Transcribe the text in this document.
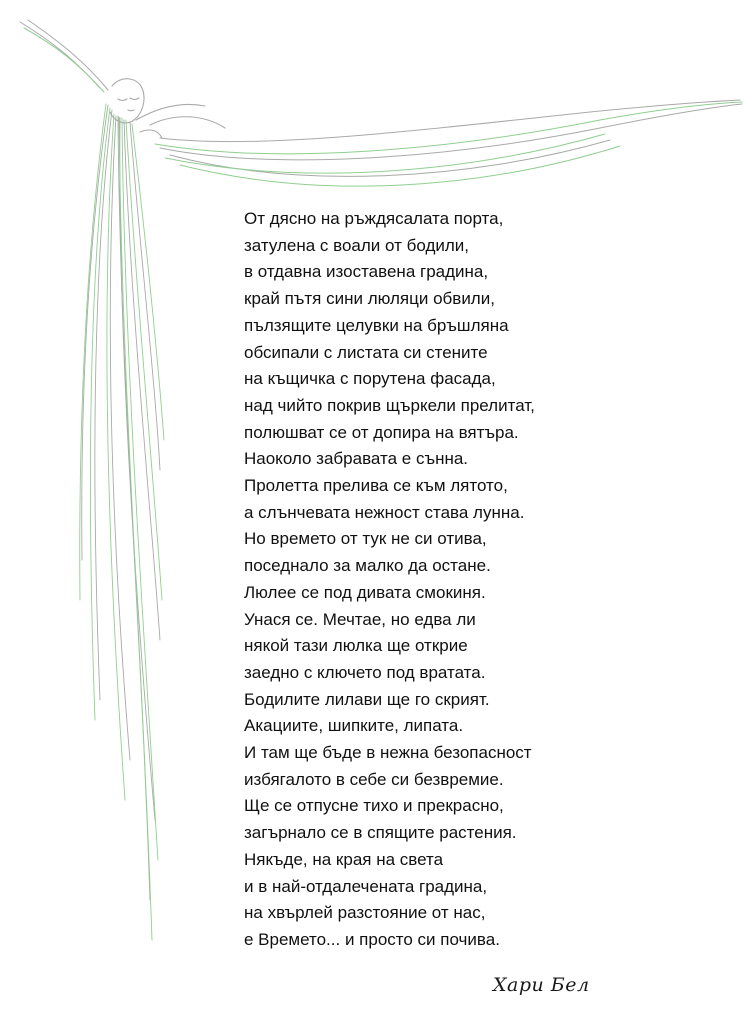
От дясно на ръждясалата порта,
затулена с воали от бодили,
в отдавна изоставена градина,
край пътя сини люляци обвили,
пълзящите целувки на бръшляна
обсипали с листата си стените
на къщичка с порутена фасада,
над чийто покрив щъркели прелитат,
полюшват се от допира на вятъра.
Наоколо забравата е сънна.
Пролетта прелива се към лятото,
а слънчевата нежност става лунна.
Но времето от тук не си отива,
поседнало за малко да остане.
Люлее се под дивата смокиня.
Унася се. Мечтае, но едва ли
някой тази люлка ще открие
заедно с ключето под вратата.
Бодилите лилави ще го скрият.
Акациите, шипките, липата.
И там ще бъде в нежна безопасност
избягалото в себе си безвремие.
Ще се отпусне тихо и прекрасно,
загърнало се в спящите растения.
Някъде, на края на света
и в най-отдалечената градина,
на хвърлей разстояние от нас,
е Времето... и просто си почива.
Хари Бел
